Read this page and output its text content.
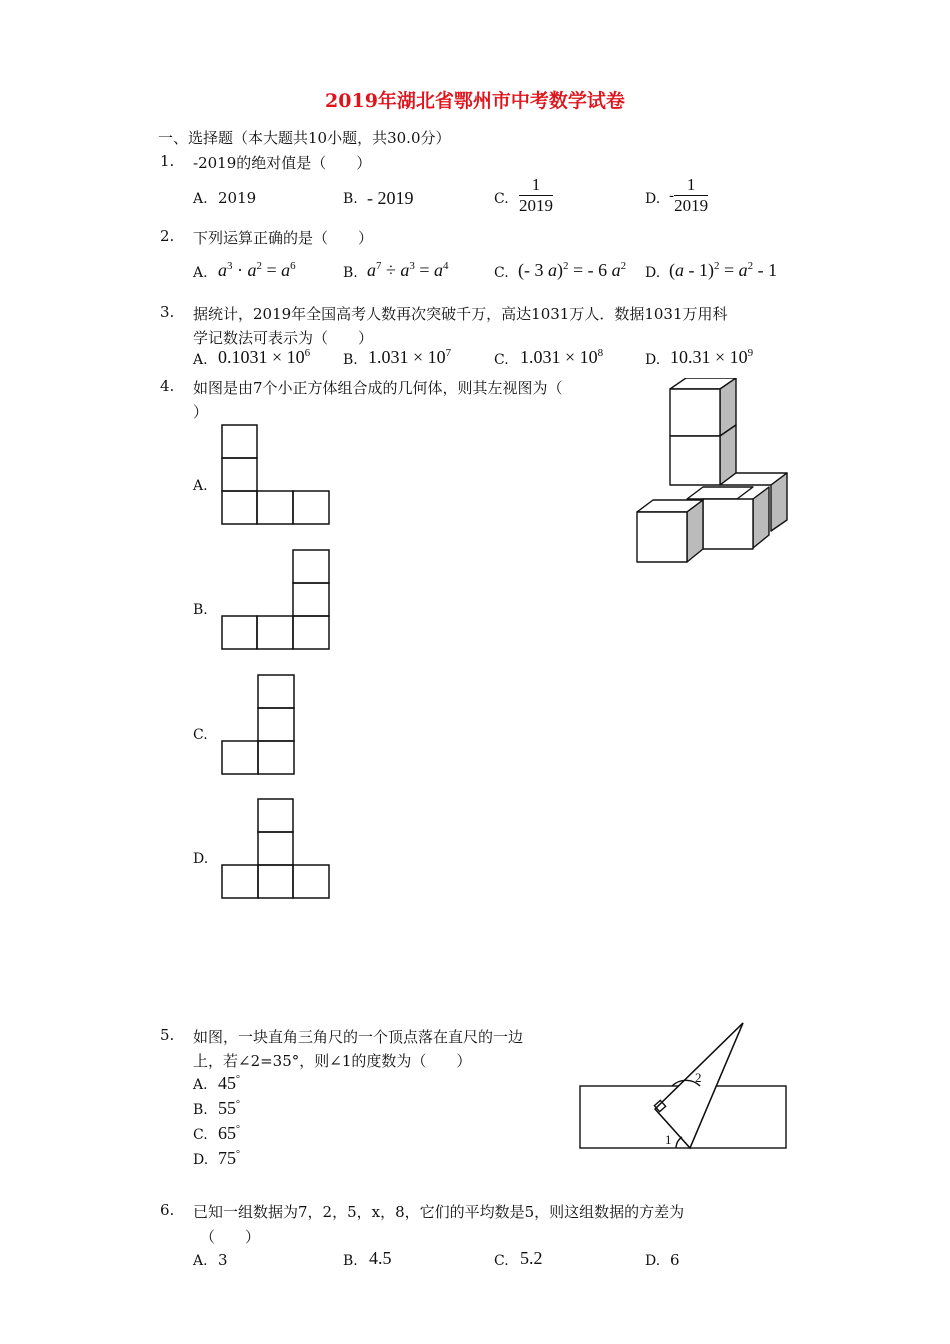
2019年湖北省鄂州市中考数学试卷
一、选择题（本大题共10小题，共30.0分）
1. -2019的绝对值是（　　）
A. 2019	B. - 2019	C. $\frac{1}{2019}$	D. - $\frac{1}{2019}$
2. 下列运算正确的是（　　）
A. $a^3 \cdot a^2 = a^6$	B. $a^7 \div a^3 = a^4$	C. (- 3 a)$^2$ = - 6 $a^2$ D. $(a - 1)^2 = a^2 - 1$
3. 据统计，2019年全国高考人数再次突破千万，高达1031万人．数据1031万用科
学记数法可表示为（　　）
A. $0.1031 \times 10^6$ B. $1.031 \times 10^7$	C. $1.031 \times 10^8$	D. $10.31 \times 10^9$
4. 如图是由7个小正方体组合成的几何体，则其左视图为（
）
A.
B.
C.
D.
5. 如图，一块直角三角尺的一个顶点落在直尺的一边
上，若∠2=35°，则∠1的度数为（　　）
A. 45°
B. 55°
C. 65°
D. 75°
2
1
6. 已知一组数据为7，2，5，x，8，它们的平均数是5，则这组数据的方差为
（　　）
A. 3	B. 4.5	C. 5.2	D. 6
